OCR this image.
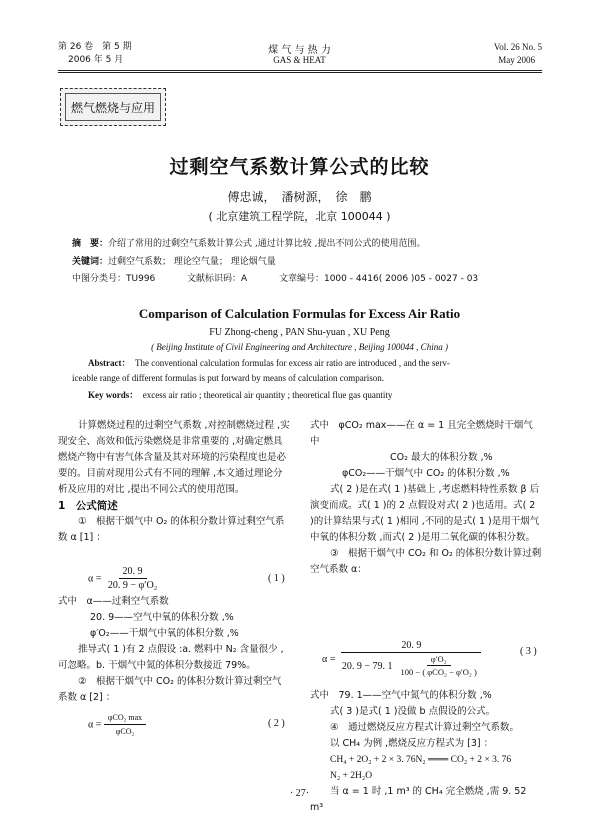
第 26 卷　第 5 期
2006 年 5 月
煤 气 与 热 力
GAS & HEAT
Vol. 26 No. 5
May 2006
燃气燃烧与应用
过剩空气系数计算公式的比较
傅忠诚，　潘树源，　徐　鹏
( 北京建筑工程学院，北京 100044 )
摘　要：介绍了常用的过剩空气系数计算公式 ,通过计算比较 ,提出不同公式的使用范围。
关键词：过剩空气系数； 理论空气量； 理论烟气量
中图分类号：TU996	文献标识码：A	文章编号：1000 - 4416( 2006 )05 - 0027 - 03
Comparison of Calculation Formulas for Excess Air Ratio
FU Zhong-cheng , PAN Shu-yuan , XU Peng
( Beijing Institute of Civil Engineering and Architecture , Beijing 100044 , China )
Abstract： The conventional calculation formulas for excess air ratio are introduced , and the serv-
iceable range of different formulas is put forward by means of calculation comparison.
Key words： excess air ratio ; theoretical air quantity ; theoretical flue gas quantity

计算燃烧过程的过剩空气系数 ,对控制燃烧过程 ,实现安全、高效和低污染燃烧是非常重要的 ,对确定燃具燃烧产物中有害气体含量及其对环境的污染程度也是必要的。目前对现用公式有不同的理解 ,本文通过理论分析及应用的对比 ,提出不同公式的使用范围。

1　公式简述

①　根据干烟气中 O₂ 的体积分数计算过剩空气系数 α [1] ：

$\alpha = \frac{20. 9}{\text{20. 9 − φ′O₂}}$	( 1 )

式中　α——过剩空气系数

20. 9——空气中氧的体积分数 ,%

φ′O₂——干烟气中氧的体积分数 ,%

推导式( 1 )有 2 点假设 :a. 燃料中 N₂ 含量很少 ,可忽略。b. 干烟气中氮的体积分数接近 79%。

②　根据干烟气中 CO₂ 的体积分数计算过剩空气系数 α [2] ：

$\alpha = \frac{\text{φCO₂ max}}{\text{φCO₂}}$	( 2 )

式中　φCO₂ max——在 α = 1 且完全燃烧时干烟气中

CO₂ 最大的体积分数 ,%

φCO₂——干烟气中 CO₂ 的体积分数 ,%

式( 2 )是在式( 1 )基础上 ,考虑燃料特性系数 β 后演变而成。式( 1 )的 2 点假设对式( 2 )也适用。式( 2 )的计算结果与式( 1 )相同 ,不同的是式( 1 )是用干烟气中氧的体积分数 ,而式( 2 )是用二氧化碳的体积分数。

③　根据干烟气中 CO₂ 和 O₂ 的体积分数计算过剩空气系数 α：

α =
20. 9
20. 9 − 79. $1 \frac{\text{φ′O₂}}{\text{100 − ( φCO₂ − φ′O₂ )}}$
( 3 )

式中　79. 1——空气中氮气的体积分数 ,%

式( 3 )是式( 1 )没做 b 点假设的公式。

④　通过燃烧反应方程式计算过剩空气系数。

以 CH₄ 为例 ,燃烧反应方程式为 [3] ：

CH₄ + 2O₂ + 2 × 3. 76N₂ ═══ CO₂ + 2 × 3. 76

N₂ + 2H₂O

当 α = 1 时 ,1 m³ 的 CH₄ 完全燃烧 ,需 9. 52 m³

· 27·
